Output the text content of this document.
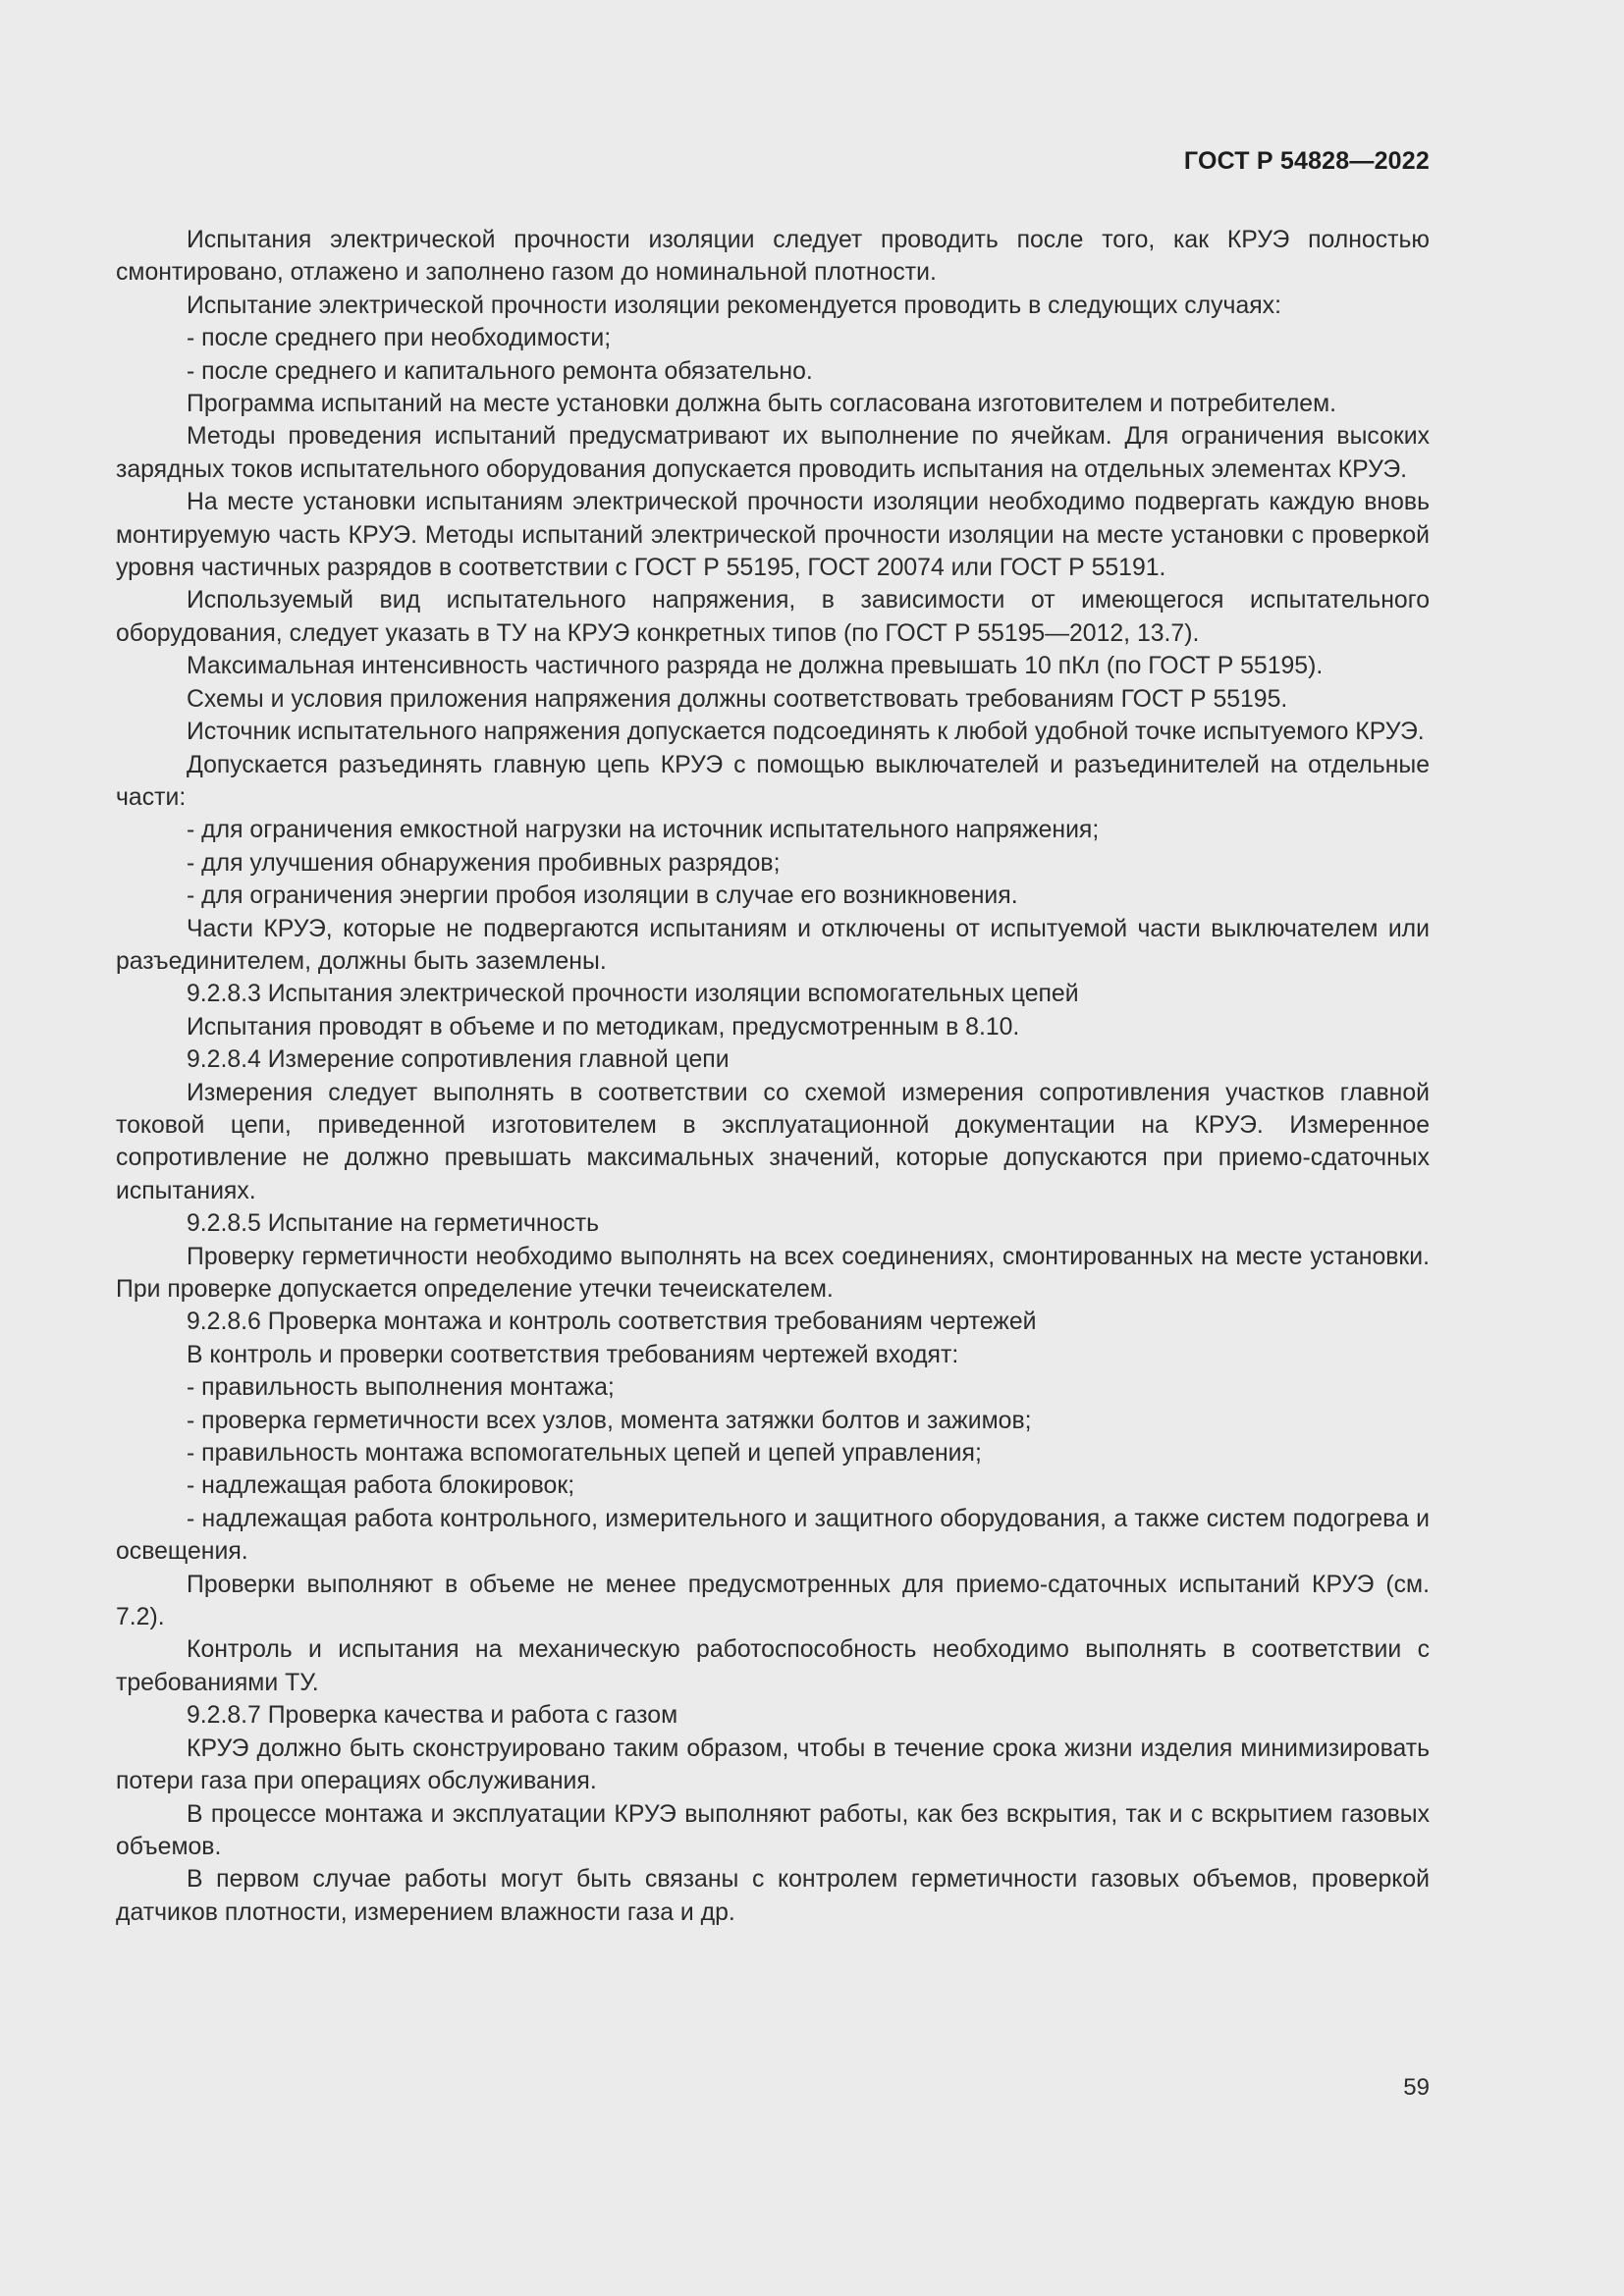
ГОСТ Р 54828—2022

Испытания электрической прочности изоляции следует проводить после того, как КРУЭ полностью смонтировано, отлажено и заполнено газом до номинальной плотности.

Испытание электрической прочности изоляции рекомендуется проводить в следующих случаях:

- после среднего при необходимости;

- после среднего и капитального ремонта обязательно.

Программа испытаний на месте установки должна быть согласована изготовителем и потребителем.

Методы проведения испытаний предусматривают их выполнение по ячейкам. Для ограничения высоких зарядных токов испытательного оборудования допускается проводить испытания на отдельных элементах КРУЭ.

На месте установки испытаниям электрической прочности изоляции необходимо подвергать каждую вновь монтируемую часть КРУЭ. Методы испытаний электрической прочности изоляции на месте установки с проверкой уровня частичных разрядов в соответствии с ГОСТ Р 55195, ГОСТ 20074 или ГОСТ Р 55191.

Используемый вид испытательного напряжения, в зависимости от имеющегося испытательного оборудования, следует указать в ТУ на КРУЭ конкретных типов (по ГОСТ Р 55195—2012, 13.7).

Максимальная интенсивность частичного разряда не должна превышать 10 пКл (по ГОСТ Р 55195).

Схемы и условия приложения напряжения должны соответствовать требованиям ГОСТ Р 55195.

Источник испытательного напряжения допускается подсоединять к любой удобной точке испытуемого КРУЭ.

Допускается разъединять главную цепь КРУЭ с помощью выключателей и разъединителей на отдельные части:

- для ограничения емкостной нагрузки на источник испытательного напряжения;

- для улучшения обнаружения пробивных разрядов;

- для ограничения энергии пробоя изоляции в случае его возникновения.

Части КРУЭ, которые не подвергаются испытаниям и отключены от испытуемой части выключателем или разъединителем, должны быть заземлены.

9.2.8.3 Испытания электрической прочности изоляции вспомогательных цепей

Испытания проводят в объеме и по методикам, предусмотренным в 8.10.

9.2.8.4 Измерение сопротивления главной цепи

Измерения следует выполнять в соответствии со схемой измерения сопротивления участков главной токовой цепи, приведенной изготовителем в эксплуатационной документации на КРУЭ. Измеренное сопротивление не должно превышать максимальных значений, которые допускаются при приемо-сдаточных испытаниях.

9.2.8.5 Испытание на герметичность

Проверку герметичности необходимо выполнять на всех соединениях, смонтированных на месте установки. При проверке допускается определение утечки течеискателем.

9.2.8.6 Проверка монтажа и контроль соответствия требованиям чертежей

В контроль и проверки соответствия требованиям чертежей входят:

- правильность выполнения монтажа;

- проверка герметичности всех узлов, момента затяжки болтов и зажимов;

- правильность монтажа вспомогательных цепей и цепей управления;

- надлежащая работа блокировок;

- надлежащая работа контрольного, измерительного и защитного оборудования, а также систем подогрева и освещения.

Проверки выполняют в объеме не менее предусмотренных для приемо-сдаточных испытаний КРУЭ (см. 7.2).

Контроль и испытания на механическую работоспособность необходимо выполнять в соответствии с требованиями ТУ.

9.2.8.7 Проверка качества и работа с газом

КРУЭ должно быть сконструировано таким образом, чтобы в течение срока жизни изделия минимизировать потери газа при операциях обслуживания.

В процессе монтажа и эксплуатации КРУЭ выполняют работы, как без вскрытия, так и с вскрытием газовых объемов.

В первом случае работы могут быть связаны с контролем герметичности газовых объемов, проверкой датчиков плотности, измерением влажности газа и др.

59
